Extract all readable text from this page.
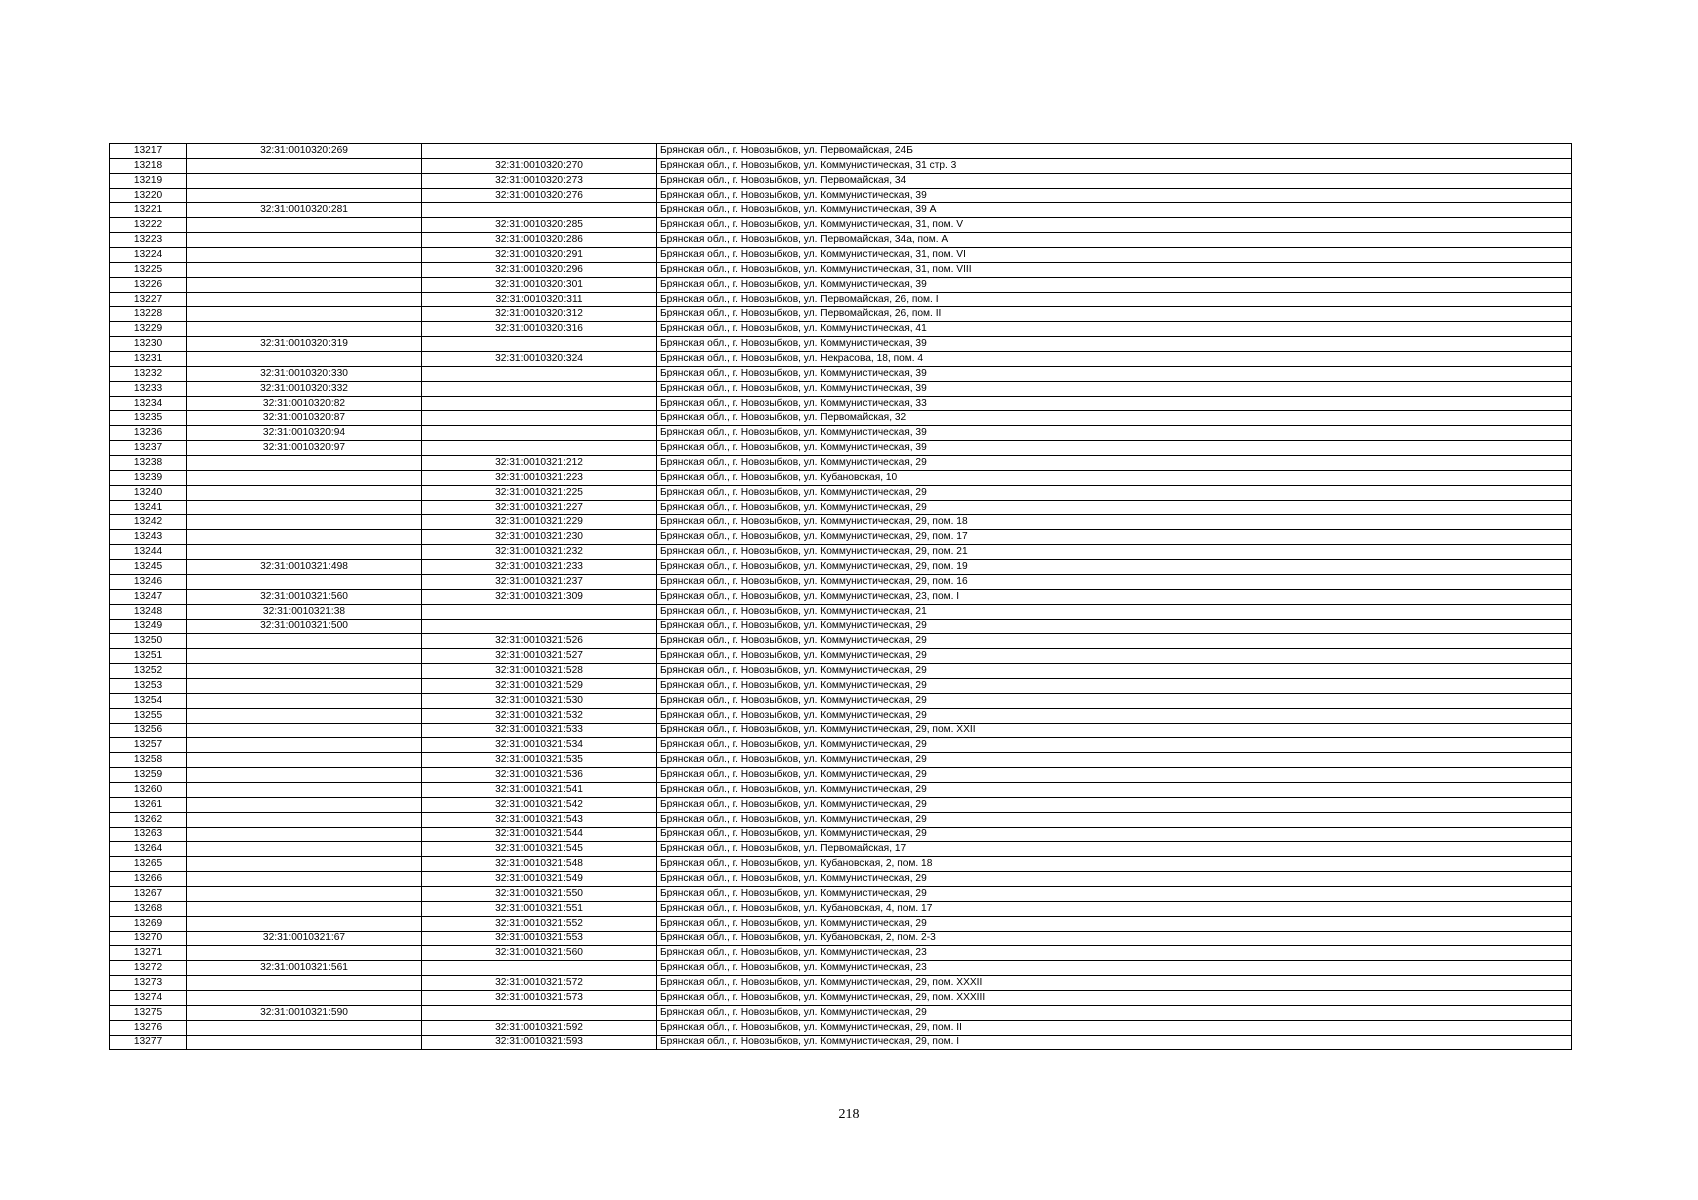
13217	32:31:0010320:269		Брянская обл., г. Новозыбков, ул. Первомайская, 24Б
13218		32:31:0010320:270	Брянская обл., г. Новозыбков, ул. Коммунистическая, 31 стр. 3
13219		32:31:0010320:273	Брянская обл., г. Новозыбков, ул. Первомайская, 34
13220		32:31:0010320:276	Брянская обл., г. Новозыбков, ул. Коммунистическая, 39
13221	32:31:0010320:281		Брянская обл., г. Новозыбков, ул. Коммунистическая, 39 А
13222		32:31:0010320:285	Брянская обл., г. Новозыбков, ул. Коммунистическая, 31, пом. V
13223		32:31:0010320:286	Брянская обл., г. Новозыбков, ул. Первомайская, 34а, пом. А
13224		32:31:0010320:291	Брянская обл., г. Новозыбков, ул. Коммунистическая, 31, пом. VI
13225		32:31:0010320:296	Брянская обл., г. Новозыбков, ул. Коммунистическая, 31, пом. VIII
13226		32:31:0010320:301	Брянская обл., г. Новозыбков, ул. Коммунистическая, 39
13227		32:31:0010320:311	Брянская обл., г. Новозыбков, ул. Первомайская, 26, пом. I
13228		32:31:0010320:312	Брянская обл., г. Новозыбков, ул. Первомайская, 26, пом. II
13229		32:31:0010320:316	Брянская обл., г. Новозыбков, ул. Коммунистическая, 41
13230	32:31:0010320:319		Брянская обл., г. Новозыбков, ул. Коммунистическая, 39
13231		32:31:0010320:324	Брянская обл., г. Новозыбков, ул. Некрасова, 18, пом. 4
13232	32:31:0010320:330		Брянская обл., г. Новозыбков, ул. Коммунистическая, 39
13233	32:31:0010320:332		Брянская обл., г. Новозыбков, ул. Коммунистическая, 39
13234	32:31:0010320:82		Брянская обл., г. Новозыбков, ул. Коммунистическая, 33
13235	32:31:0010320:87		Брянская обл., г. Новозыбков, ул. Первомайская, 32
13236	32:31:0010320:94		Брянская обл., г. Новозыбков, ул. Коммунистическая, 39
13237	32:31:0010320:97		Брянская обл., г. Новозыбков, ул. Коммунистическая, 39
13238		32:31:0010321:212	Брянская обл., г. Новозыбков, ул. Коммунистическая, 29
13239		32:31:0010321:223	Брянская обл., г. Новозыбков, ул. Кубановская, 10
13240		32:31:0010321:225	Брянская обл., г. Новозыбков, ул. Коммунистическая, 29
13241		32:31:0010321:227	Брянская обл., г. Новозыбков, ул. Коммунистическая, 29
13242		32:31:0010321:229	Брянская обл., г. Новозыбков, ул. Коммунистическая, 29, пом. 18
13243		32:31:0010321:230	Брянская обл., г. Новозыбков, ул. Коммунистическая, 29, пом. 17
13244		32:31:0010321:232	Брянская обл., г. Новозыбков, ул. Коммунистическая, 29, пом. 21
13245	32:31:0010321:498	32:31:0010321:233	Брянская обл., г. Новозыбков, ул. Коммунистическая, 29, пом. 19
13246		32:31:0010321:237	Брянская обл., г. Новозыбков, ул. Коммунистическая, 29, пом. 16
13247	32:31:0010321:560	32:31:0010321:309	Брянская обл., г. Новозыбков, ул. Коммунистическая, 23, пом. I
13248	32:31:0010321:38		Брянская обл., г. Новозыбков, ул. Коммунистическая, 21
13249	32:31:0010321:500		Брянская обл., г. Новозыбков, ул. Коммунистическая, 29
13250		32:31:0010321:526	Брянская обл., г. Новозыбков, ул. Коммунистическая, 29
13251		32:31:0010321:527	Брянская обл., г. Новозыбков, ул. Коммунистическая, 29
13252		32:31:0010321:528	Брянская обл., г. Новозыбков, ул. Коммунистическая, 29
13253		32:31:0010321:529	Брянская обл., г. Новозыбков, ул. Коммунистическая, 29
13254		32:31:0010321:530	Брянская обл., г. Новозыбков, ул. Коммунистическая, 29
13255		32:31:0010321:532	Брянская обл., г. Новозыбков, ул. Коммунистическая, 29
13256		32:31:0010321:533	Брянская обл., г. Новозыбков, ул. Коммунистическая, 29, пом. XXII
13257		32:31:0010321:534	Брянская обл., г. Новозыбков, ул. Коммунистическая, 29
13258		32:31:0010321:535	Брянская обл., г. Новозыбков, ул. Коммунистическая, 29
13259		32:31:0010321:536	Брянская обл., г. Новозыбков, ул. Коммунистическая, 29
13260		32:31:0010321:541	Брянская обл., г. Новозыбков, ул. Коммунистическая, 29
13261		32:31:0010321:542	Брянская обл., г. Новозыбков, ул. Коммунистическая, 29
13262		32:31:0010321:543	Брянская обл., г. Новозыбков, ул. Коммунистическая, 29
13263		32:31:0010321:544	Брянская обл., г. Новозыбков, ул. Коммунистическая, 29
13264		32:31:0010321:545	Брянская обл., г. Новозыбков, ул. Первомайская, 17
13265		32:31:0010321:548	Брянская обл., г. Новозыбков, ул. Кубановская, 2, пом. 18
13266		32:31:0010321:549	Брянская обл., г. Новозыбков, ул. Коммунистическая, 29
13267		32:31:0010321:550	Брянская обл., г. Новозыбков, ул. Коммунистическая, 29
13268		32:31:0010321:551	Брянская обл., г. Новозыбков, ул. Кубановская, 4, пом. 17
13269		32:31:0010321:552	Брянская обл., г. Новозыбков, ул. Коммунистическая, 29
13270	32:31:0010321:67	32:31:0010321:553	Брянская обл., г. Новозыбков, ул. Кубановская, 2, пом. 2-3
13271		32:31:0010321:560	Брянская обл., г. Новозыбков, ул. Коммунистическая, 23
13272	32:31:0010321:561		Брянская обл., г. Новозыбков, ул. Коммунистическая, 23
13273		32:31:0010321:572	Брянская обл., г. Новозыбков, ул. Коммунистическая, 29, пом. XXXII
13274		32:31:0010321:573	Брянская обл., г. Новозыбков, ул. Коммунистическая, 29, пом. XXXIII
13275	32:31:0010321:590		Брянская обл., г. Новозыбков, ул. Коммунистическая, 29
13276		32:31:0010321:592	Брянская обл., г. Новозыбков, ул. Коммунистическая, 29, пом. II
13277		32:31:0010321:593	Брянская обл., г. Новозыбков, ул. Коммунистическая, 29, пом. I
218
